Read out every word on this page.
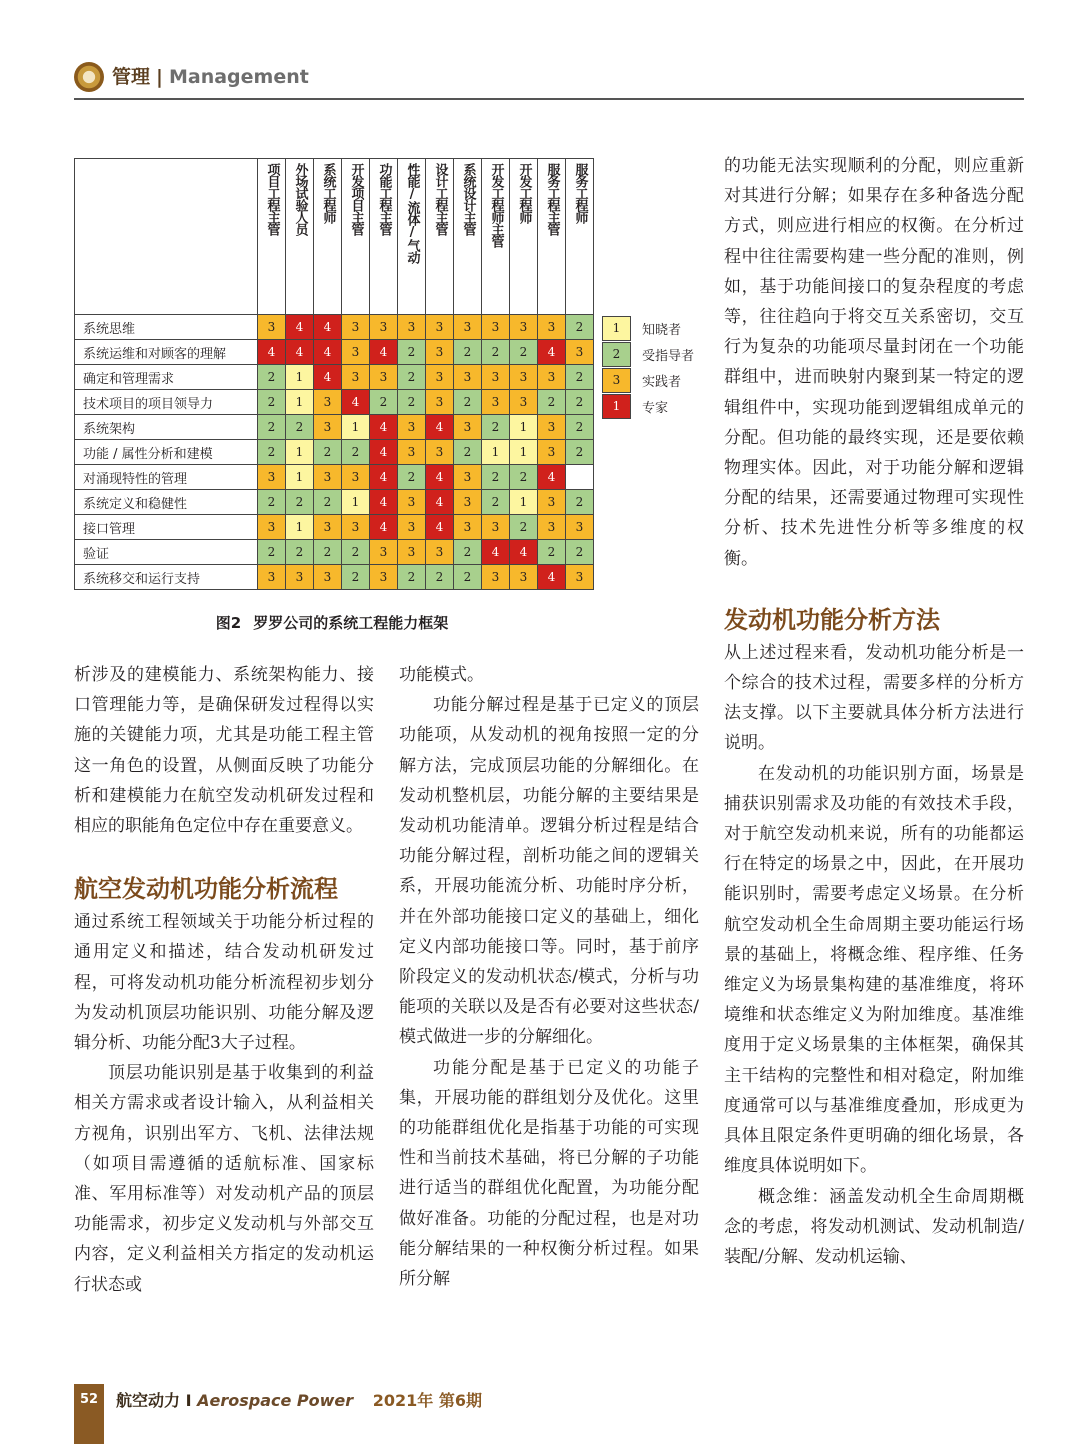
管理 | Management

	项目工程主管	外场试验人员	系统工程师	开发项目主管	功能工程主管	性能/流体/气动	设计工程主管	系统设计主管	开发工程师主管	开发工程师	服务工程主管	服务工程师

系统思维	3	4	4	3	3	3	3	3	3	3	3	2
系统运维和对顾客的理解	4	4	4	3	4	2	3	2	2	2	4	3
确定和管理需求	2	1	4	3	3	2	3	3	3	3	3	2
技术项目的项目领导力	2	1	3	4	2	2	3	2	3	3	2	2
系统架构	2	2	3	1	4	3	4	3	2	1	3	2
功能 / 属性分析和建模	2	1	2	2	4	3	3	2	1	1	3	2
对涌现特性的管理	3	1	3	3	4	2	4	3	2	2	4	
系统定义和稳健性	2	2	2	1	4	3	4	3	2	1	3	2
接口管理	3	1	3	3	4	3	4	3	3	2	3	3
验证	2	2	2	2	3	3	3	2	4	4	2	2
系统移交和运行支持	3	3	3	2	3	2	2	2	3	3	4	3
1	知晓者
2	受指导者
3	实践者
1	专家
图2 罗罗公司的系统工程能力框架

析涉及的建模能力、系统架构能力、接口管理能力等，是确保研发过程得以实施的关键能力项，尤其是功能工程主管这一角色的设置，从侧面反映了功能分析和建模能力在航空发动机研发过程和相应的职能角色定位中存在重要意义。

航空发动机功能分析流程

通过系统工程领域关于功能分析过程的通用定义和描述，结合发动机研发过程，可将发动机功能分析流程初步划分为发动机顶层功能识别、功能分解及逻辑分析、功能分配3大子过程。

顶层功能识别是基于收集到的利益相关方需求或者设计输入，从利益相关方视角，识别出军方、飞机、法律法规（如项目需遵循的适航标准、国家标准、军用标准等）对发动机产品的顶层功能需求，初步定义发动机与外部交互内容，定义利益相关方指定的发动机运行状态或

功能模式。

功能分解过程是基于已定义的顶层功能项，从发动机的视角按照一定的分解方法，完成顶层功能的分解细化。在发动机整机层，功能分解的主要结果是发动机功能清单。逻辑分析过程是结合功能分解过程，剖析功能之间的逻辑关系，开展功能流分析、功能时序分析，并在外部功能接口定义的基础上，细化定义内部功能接口等。同时，基于前序阶段定义的发动机状态/模式，分析与功能项的关联以及是否有必要对这些状态/模式做进一步的分解细化。

功能分配是基于已定义的功能子集，开展功能的群组划分及优化。这里的功能群组优化是指基于功能的可实现性和当前技术基础，将已分解的子功能进行适当的群组优化配置，为功能分配做好准备。功能的分配过程，也是对功能分解结果的一种权衡分析过程。如果所分解

的功能无法实现顺利的分配，则应重新对其进行分解；如果存在多种备选分配方式，则应进行相应的权衡。在分析过程中往往需要构建一些分配的准则，例如，基于功能间接口的复杂程度的考虑等，往往趋向于将交互关系密切，交互行为复杂的功能项尽量封闭在一个功能群组中，进而映射内聚到某一特定的逻辑组件中，实现功能到逻辑组成单元的分配。但功能的最终实现，还是要依赖物理实体。因此，对于功能分解和逻辑分配的结果，还需要通过物理可实现性分析、技术先进性分析等多维度的权衡。

发动机功能分析方法

从上述过程来看，发动机功能分析是一个综合的技术过程，需要多样的分析方法支撑。以下主要就具体分析方法进行说明。

在发动机的功能识别方面，场景是捕获识别需求及功能的有效技术手段，对于航空发动机来说，所有的功能都运行在特定的场景之中，因此，在开展功能识别时，需要考虑定义场景。在分析航空发动机全生命周期主要功能运行场景的基础上，将概念维、程序维、任务维定义为场景集构建的基准维度，将环境维和状态维定义为附加维度。基准维度用于定义场景集的主体框架，确保其主干结构的完整性和相对稳定，附加维度通常可以与基准维度叠加，形成更为具体且限定条件更明确的细化场景，各维度具体说明如下。

概念维：涵盖发动机全生命周期概念的考虑，将发动机测试、发动机制造/装配/分解、发动机运输、

52	航空动力 I Aerospace Power 2021年 第6期
